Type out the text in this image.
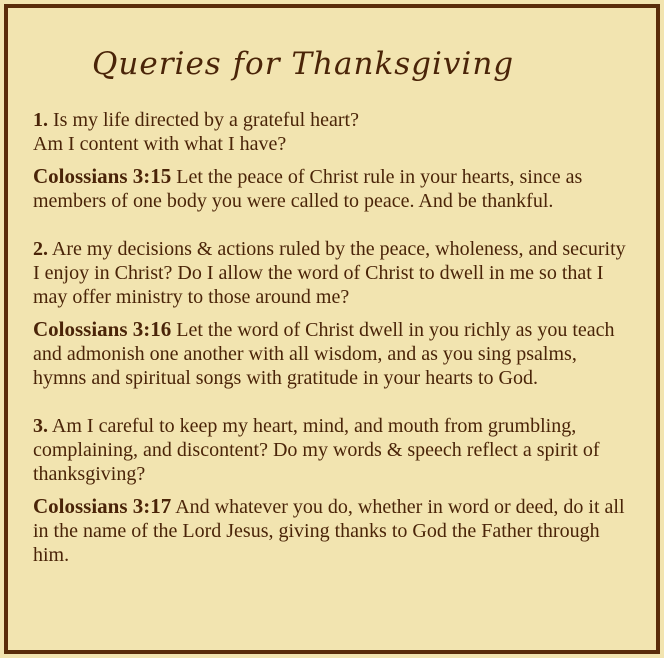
Queries for Thanksgiving

1. Is my life directed by a grateful heart?
Am I content with what I have?

Colossians 3:15 Let the peace of Christ rule in your hearts, since as members of one body you were called to peace. And be thankful.

2. Are my decisions & actions ruled by the peace, wholeness, and security I enjoy in Christ? Do I allow the word of Christ to dwell in me so that I may offer ministry to those around me?

Colossians 3:16 Let the word of Christ dwell in you richly as you teach and admonish one another with all wisdom, and as you sing psalms, hymns and spiritual songs with gratitude in your hearts to God.

3. Am I careful to keep my heart, mind, and mouth from grumbling, complaining, and discontent? Do my words & speech reflect a spirit of thanksgiving?

Colossians 3:17 And whatever you do, whether in word or deed, do it all in the name of the Lord Jesus, giving thanks to God the Father through him.
